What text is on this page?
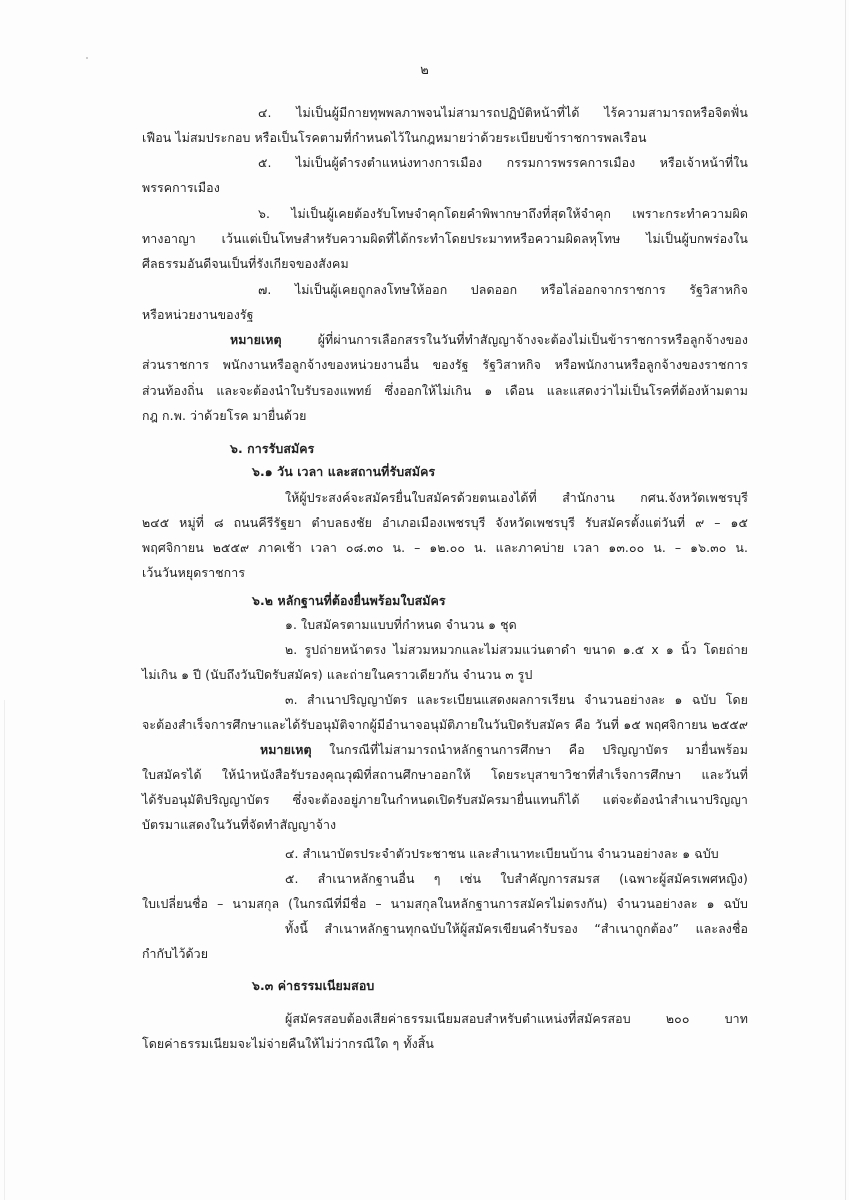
๒
๔. ไม่เป็นผู้มีกายทุพพลภาพจนไม่สามารถปฏิบัติหน้าที่ได้ ไร้ความสามารถหรือจิตฟั่น
เฟือน ไม่สมประกอบ หรือเป็นโรคตามที่กำหนดไว้ในกฎหมายว่าด้วยระเบียบข้าราชการพลเรือน
๕. ไม่เป็นผู้ดำรงตำแหน่งทางการเมือง กรรมการพรรคการเมือง หรือเจ้าหน้าที่ใน
พรรคการเมือง
๖. ไม่เป็นผู้เคยต้องรับโทษจำคุกโดยคำพิพากษาถึงที่สุดให้จำคุก เพราะกระทำความผิด
ทางอาญา เว้นแต่เป็นโทษสำหรับความผิดที่ได้กระทำโดยประมาทหรือความผิดลหุโทษ ไม่เป็นผู้บกพร่องใน
ศีลธรรมอันดีจนเป็นที่รังเกียจของสังคม
๗. ไม่เป็นผู้เคยถูกลงโทษให้ออก ปลดออก หรือไล่ออกจากราชการ รัฐวิสาหกิจ
หรือหน่วยงานของรัฐ
หมายเหตุ ผู้ที่ผ่านการเลือกสรรในวันที่ทำสัญญาจ้างจะต้องไม่เป็นข้าราชการหรือลูกจ้างของ
ส่วนราชการ พนักงานหรือลูกจ้างของหน่วยงานอื่น ของรัฐ รัฐวิสาหกิจ หรือพนักงานหรือลูกจ้างของราชการ
ส่วนท้องถิ่น และจะต้องนำใบรับรองแพทย์ ซึ่งออกให้ไม่เกิน ๑ เดือน และแสดงว่าไม่เป็นโรคที่ต้องห้ามตาม
กฎ ก.พ. ว่าด้วยโรค มายื่นด้วย
๖. การรับสมัคร
๖.๑ วัน เวลา และสถานที่รับสมัคร
ให้ผู้ประสงค์จะสมัครยื่นใบสมัครด้วยตนเองได้ที่ สำนักงาน กศน.จังหวัดเพชรบุรี
๒๔๕ หมู่ที่ ๘ ถนนคีรีรัฐยา ตำบลธงชัย อำเภอเมืองเพชรบุรี จังหวัดเพชรบุรี รับสมัครตั้งแต่วันที่ ๙ – ๑๕
พฤศจิกายน ๒๕๕๙ ภาคเช้า เวลา ๐๘.๓๐ น. – ๑๒.๐๐ น. และภาคบ่าย เวลา ๑๓.๐๐ น. – ๑๖.๓๐ น.
เว้นวันหยุดราชการ
๖.๒ หลักฐานที่ต้องยื่นพร้อมใบสมัคร
๑. ใบสมัครตามแบบที่กำหนด จำนวน ๑ ชุด
๒. รูปถ่ายหน้าตรง ไม่สวมหมวกและไม่สวมแว่นตาดำ ขนาด ๑.๕ x ๑ นิ้ว โดยถ่าย
ไม่เกิน ๑ ปี (นับถึงวันปิดรับสมัคร) และถ่ายในคราวเดียวกัน จำนวน ๓ รูป
๓. สำเนาปริญญาบัตร และระเบียนแสดงผลการเรียน จำนวนอย่างละ ๑ ฉบับ โดย
จะต้องสำเร็จการศึกษาและได้รับอนุมัติจากผู้มีอำนาจอนุมัติภายในวันปิดรับสมัคร คือ วันที่ ๑๕ พฤศจิกายน ๒๕๕๙
หมายเหตุ ในกรณีที่ไม่สามารถนำหลักฐานการศึกษา คือ ปริญญาบัตร มายื่นพร้อม
ใบสมัครได้ ให้นำหนังสือรับรองคุณวุฒิที่สถานศึกษาออกให้ โดยระบุสาขาวิชาที่สำเร็จการศึกษา และวันที่
ได้รับอนุมัติปริญญาบัตร ซึ่งจะต้องอยู่ภายในกำหนดเปิดรับสมัครมายื่นแทนก็ได้ แต่จะต้องนำสำเนาปริญญา
บัตรมาแสดงในวันที่จัดทำสัญญาจ้าง
๔. สำเนาบัตรประจำตัวประชาชน และสำเนาทะเบียนบ้าน จำนวนอย่างละ ๑ ฉบับ
๕. สำเนาหลักฐานอื่น ๆ เช่น ใบสำคัญการสมรส (เฉพาะผู้สมัครเพศหญิง)
ใบเปลี่ยนชื่อ – นามสกุล (ในกรณีที่มีชื่อ – นามสกุลในหลักฐานการสมัครไม่ตรงกัน) จำนวนอย่างละ ๑ ฉบับ
ทั้งนี้ สำเนาหลักฐานทุกฉบับให้ผู้สมัครเขียนคำรับรอง “สำเนาถูกต้อง” และลงชื่อ
กำกับไว้ด้วย
๖.๓ ค่าธรรมเนียมสอบ
ผู้สมัครสอบต้องเสียค่าธรรมเนียมสอบสำหรับตำแหน่งที่สมัครสอบ ๒๐๐ บาท
โดยค่าธรรมเนียมจะไม่จ่ายคืนให้ไม่ว่ากรณีใด ๆ ทั้งสิ้น
